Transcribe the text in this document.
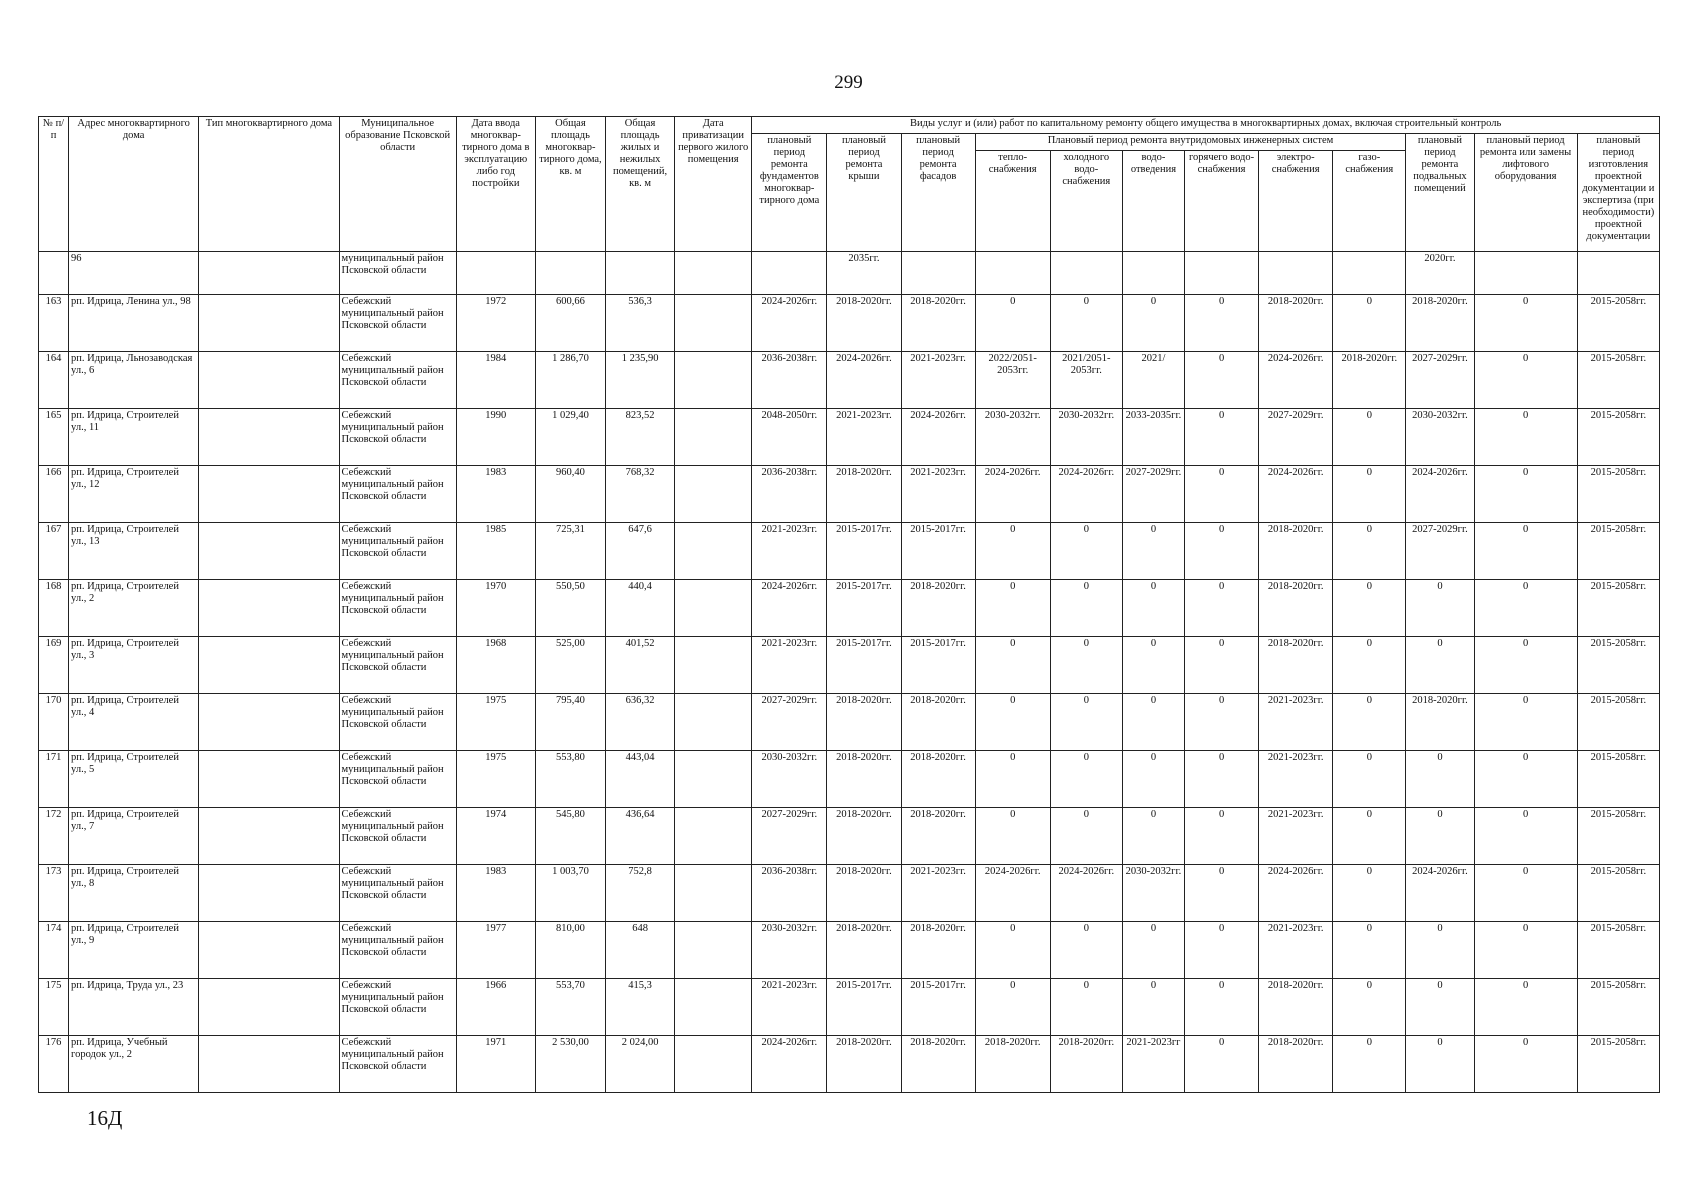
299
№ п/п	Адрес многоквартирного дома	Тип многоквартирного дома	Муниципальное образование Псковской области	Дата ввода многоквар-тирного дома в эксплуатацию либо год постройки	Общая площадь многоквар-тирного дома, кв. м	Общая площадь жилых и нежилых помещений, кв. м	Дата приватизации первого жилого помещения	Виды услуг и (или) работ по капитальному ремонту общего имущества в многоквартирных домах, включая строительный контроль											
								плановый период ремонта фундаментов многоквар-тирного дома	плановый период ремонта крыши	плановый период ремонта фасадов	Плановый период ремонта внутридомовых инженерных систем						плановый период ремонта подвальных помещений	плановый период ремонта или замены лифтового оборудования	плановый период изготовления проектной документации и экспертиза (при необходимости) проектной документации
											тепло-снабжения	холодного водо-снабжения	водо-отведения	горячего водо-снабжения	электро-снабжения	газо-снабжения			
	96		муниципальный район Псковской области						2035гг.								2020гг.		
163	рп. Идрица, Ленина ул., 98		Себежский муниципальный район Псковской области	1972	600,66	536,3		2024-2026гг.	2018-2020гг.	2018-2020гг.	0	0	0	0	2018-2020гг.	0	2018-2020гг.	0	2015-2058гг.
164	рп. Идрица, Льнозаводская ул., 6		Себежский муниципальный район Псковской области	1984	1 286,70	1 235,90		2036-2038гг.	2024-2026гг.	2021-2023гг.	2022/2051-2053гг.	2021/2051-2053гг.	2021/	0	2024-2026гг.	2018-2020гг.	2027-2029гг.	0	2015-2058гг.
165	рп. Идрица, Строителей ул., 11		Себежский муниципальный район Псковской области	1990	1 029,40	823,52		2048-2050гг.	2021-2023гг.	2024-2026гг.	2030-2032гг.	2030-2032гг.	2033-2035гг.	0	2027-2029гг.	0	2030-2032гг.	0	2015-2058гг.
166	рп. Идрица, Строителей ул., 12		Себежский муниципальный район Псковской области	1983	960,40	768,32		2036-2038гг.	2018-2020гг.	2021-2023гг.	2024-2026гг.	2024-2026гг.	2027-2029гг.	0	2024-2026гг.	0	2024-2026гг.	0	2015-2058гг.
167	рп. Идрица, Строителей ул., 13		Себежский муниципальный район Псковской области	1985	725,31	647,6		2021-2023гг.	2015-2017гг.	2015-2017гг.	0	0	0	0	2018-2020гг.	0	2027-2029гг.	0	2015-2058гг.
168	рп. Идрица, Строителей ул., 2		Себежский муниципальный район Псковской области	1970	550,50	440,4		2024-2026гг.	2015-2017гг.	2018-2020гг.	0	0	0	0	2018-2020гг.	0	0	0	2015-2058гг.
169	рп. Идрица, Строителей ул., 3		Себежский муниципальный район Псковской области	1968	525,00	401,52		2021-2023гг.	2015-2017гг.	2015-2017гг.	0	0	0	0	2018-2020гг.	0	0	0	2015-2058гг.
170	рп. Идрица, Строителей ул., 4		Себежский муниципальный район Псковской области	1975	795,40	636,32		2027-2029гг.	2018-2020гг.	2018-2020гг.	0	0	0	0	2021-2023гг.	0	2018-2020гг.	0	2015-2058гг.
171	рп. Идрица, Строителей ул., 5		Себежский муниципальный район Псковской области	1975	553,80	443,04		2030-2032гг.	2018-2020гг.	2018-2020гг.	0	0	0	0	2021-2023гг.	0	0	0	2015-2058гг.
172	рп. Идрица, Строителей ул., 7		Себежский муниципальный район Псковской области	1974	545,80	436,64		2027-2029гг.	2018-2020гг.	2018-2020гг.	0	0	0	0	2021-2023гг.	0	0	0	2015-2058гг.
173	рп. Идрица, Строителей ул., 8		Себежский муниципальный район Псковской области	1983	1 003,70	752,8		2036-2038гг.	2018-2020гг.	2021-2023гг.	2024-2026гг.	2024-2026гг.	2030-2032гг.	0	2024-2026гг.	0	2024-2026гг.	0	2015-2058гг.
174	рп. Идрица, Строителей ул., 9		Себежский муниципальный район Псковской области	1977	810,00	648		2030-2032гг.	2018-2020гг.	2018-2020гг.	0	0	0	0	2021-2023гг.	0	0	0	2015-2058гг.
175	рп. Идрица, Труда ул., 23		Себежский муниципальный район Псковской области	1966	553,70	415,3		2021-2023гг.	2015-2017гг.	2015-2017гг.	0	0	0	0	2018-2020гг.	0	0	0	2015-2058гг.
176	рп. Идрица, Учебный городок ул., 2		Себежский муниципальный район Псковской области	1971	2 530,00	2 024,00		2024-2026гг.	2018-2020гг.	2018-2020гг.	2018-2020гг.	2018-2020гг.	2021-2023гг	0	2018-2020гг.	0	0	0	2015-2058гг.
16Д
